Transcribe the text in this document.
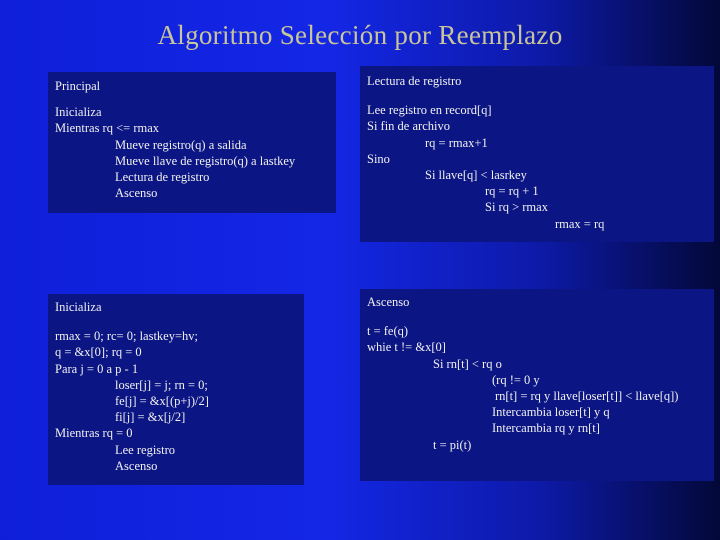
Algoritmo Selección por Reemplazo
Principal
Inicializa
Mientras rq <= rmax
Mueve registro(q) a salida
Mueve llave de registro(q) a lastkey
Lectura de registro
Ascenso
Lectura de registro
Lee registro en record[q]
Si fin de archivo
rq = rmax+1
Sino
Si llave[q] < lasrkey
rq = rq + 1
Si rq > rmax
rmax = rq
Inicializa
rmax = 0; rc= 0; lastkey=hv;
q = &x[0]; rq = 0
Para j = 0 a p - 1
loser[j] = j; rn = 0;
fe[j] = &x[(p+j)/2]
fi[j] = &x[j/2]
Mientras rq = 0
Lee registro
Ascenso
Ascenso
t = fe(q)
whie t != &x[0]
Si rn[t] < rq o
(rq != 0 y
rn[t] = rq y llave[loser[t]] < llave[q])
Intercambia loser[t] y q
Intercambia rq y rn[t]
t = pi(t)
